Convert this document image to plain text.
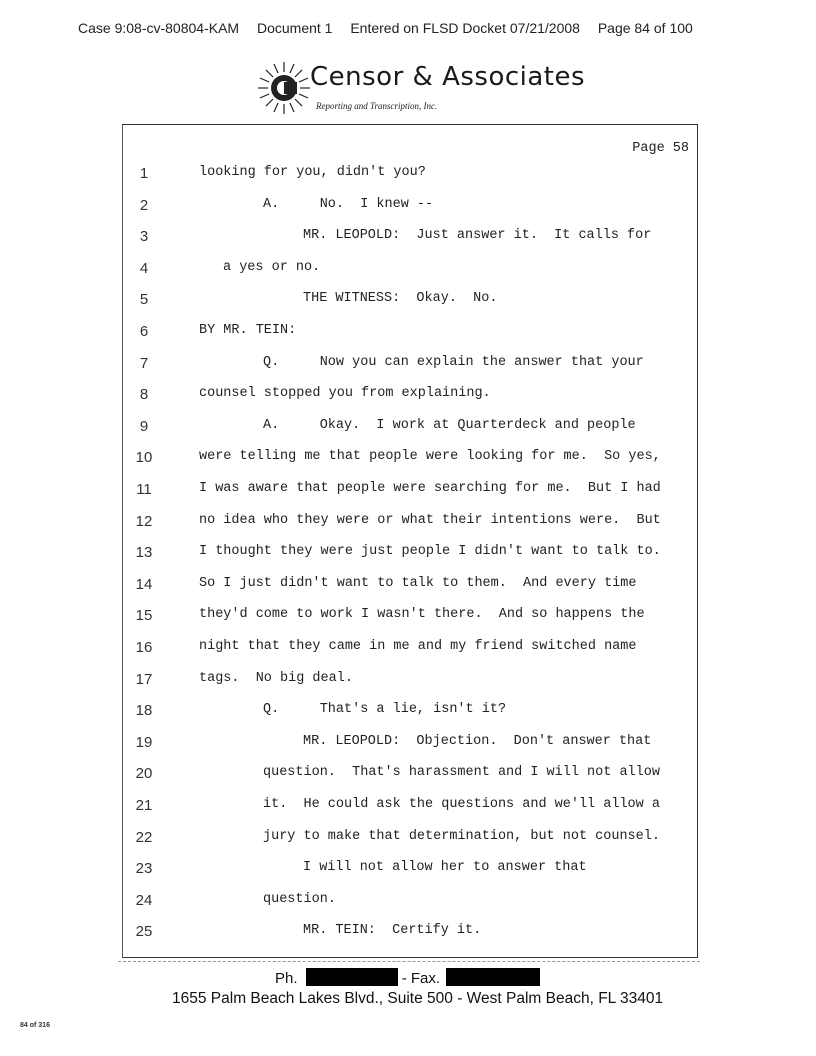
Case 9:08-cv-80804-KAM Document 1 Entered on FLSD Docket 07/21/2008 Page 84 of 100
Censor & Associates
Reporting and Transcription, Inc.
Page 58
1	looking for you, didn't you?
2	A.     No.  I knew --
3	MR. LEOPOLD:  Just answer it.  It calls for
4	a yes or no.
5	THE WITNESS:  Okay.  No.
6	BY MR. TEIN:
7	Q.     Now you can explain the answer that your
8	counsel stopped you from explaining.
9	A.     Okay.  I work at Quarterdeck and people
10	were telling me that people were looking for me.  So yes,
11	I was aware that people were searching for me.  But I had
12	no idea who they were or what their intentions were.  But
13	I thought they were just people I didn't want to talk to.
14	So I just didn't want to talk to them.  And every time
15	they'd come to work I wasn't there.  And so happens the
16	night that they came in me and my friend switched name
17	tags.  No big deal.
18	Q.     That's a lie, isn't it?
19	MR. LEOPOLD:  Objection.  Don't answer that
20	question.  That's harassment and I will not allow
21	it.  He could ask the questions and we'll allow a
22	jury to make that determination, but not counsel.
23	I will not allow her to answer that
24	question.
25	MR. TEIN:  Certify it.
Ph.	- Fax.
1655 Palm Beach Lakes Blvd., Suite 500 - West Palm Beach, FL 33401
84 of 316
